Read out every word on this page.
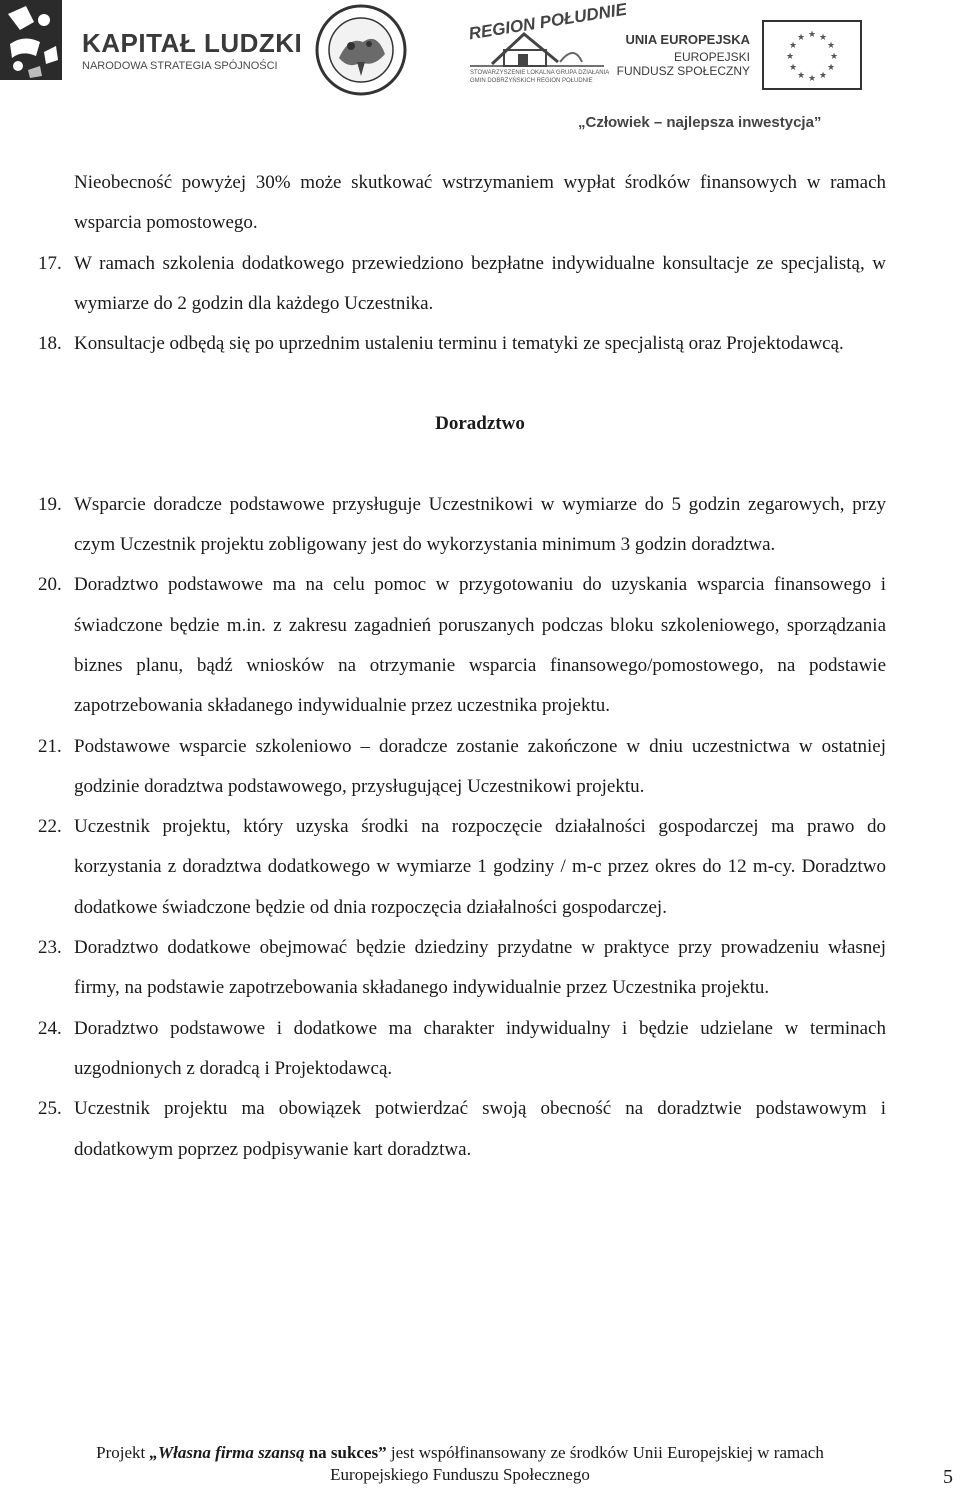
KAPITAŁ LUDZKI
NARODOWA STRATEGIA SPÓJNOŚCI
REGION POŁUDNIE
STOWARZYSZENIE LOKALNA GRUPA DZIAŁANIA
GMIN DOBRZYŃSKICH REGION POŁUDNIE
UNIA EUROPEJSKA
EUROPEJSKI
FUNDUSZ SPOŁECZNY
★ ★
★
★
★
★
★
★
★
★
★
★
„Człowiek – najlepsza inwestycja”

Nieobecność powyżej 30% może skutkować wstrzymaniem wypłat środków finansowych w ramach wsparcia pomostowego.

17. W ramach szkolenia dodatkowego przewiedziono bezpłatne indywidualne konsultacje ze specjalistą, w wymiarze do 2 godzin dla każdego Uczestnika.
18. Konsultacje odbędą się po uprzednim ustaleniu terminu i tematyki ze specjalistą oraz Projektodawcą.
Doradztwo
19. Wsparcie doradcze podstawowe przysługuje Uczestnikowi w wymiarze do 5 godzin zegarowych, przy czym Uczestnik projektu zobligowany jest do wykorzystania minimum 3 godzin doradztwa.
20. Doradztwo podstawowe ma na celu pomoc w przygotowaniu do uzyskania wsparcia finansowego i świadczone będzie m.in. z zakresu zagadnień poruszanych podczas bloku szkoleniowego, sporządzania biznes planu, bądź wniosków na otrzymanie wsparcia finansowego/pomostowego, na podstawie zapotrzebowania składanego indywidualnie przez uczestnika projektu.
21. Podstawowe wsparcie szkoleniowo – doradcze zostanie zakończone w dniu uczestnictwa w ostatniej godzinie doradztwa podstawowego, przysługującej Uczestnikowi projektu.
22. Uczestnik projektu, który uzyska środki na rozpoczęcie działalności gospodarczej ma prawo do korzystania z doradztwa dodatkowego w wymiarze 1 godziny / m-c przez okres do 12 m-cy. Doradztwo dodatkowe świadczone będzie od dnia rozpoczęcia działalności gospodarczej.
23. Doradztwo dodatkowe obejmować będzie dziedziny przydatne w praktyce przy prowadzeniu własnej firmy, na podstawie zapotrzebowania składanego indywidualnie przez Uczestnika projektu.
24. Doradztwo podstawowe i dodatkowe ma charakter indywidualny i będzie udzielane w terminach uzgodnionych z doradcą i Projektodawcą.
25. Uczestnik projektu ma obowiązek potwierdzać swoją obecność na doradztwie podstawowym i dodatkowym poprzez podpisywanie kart doradztwa.
Projekt „Własna firma szansą na sukces” jest współfinansowany ze środków Unii Europejskiej w ramach
Europejskiego Funduszu Społecznego	5
